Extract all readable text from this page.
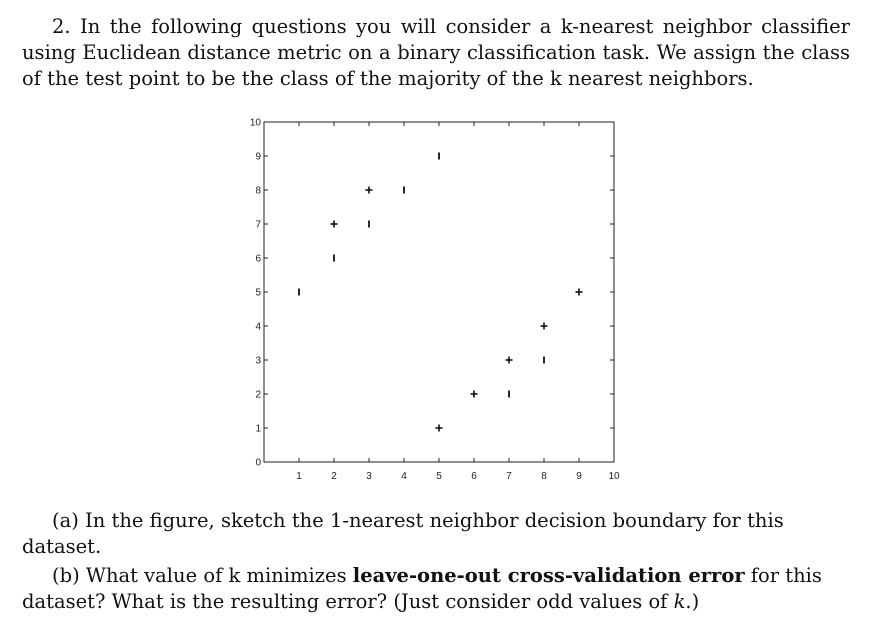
2. In the following questions you will consider a k-nearest neighbor classifier using Euclidean distance metric on a binary classification task. We assign the class of the test point to be the class of the majority of the k nearest neighbors.

1	2	3	4	5	6	7	8	9	10
0
1
2
3
4
5
6
7
8
9
10

(a) In the figure, sketch the 1-nearest neighbor decision boundary for this dataset.

(b) What value of k minimizes leave-one-out cross-validation error for this dataset? What is the resulting error? (Just consider odd values of k.)
